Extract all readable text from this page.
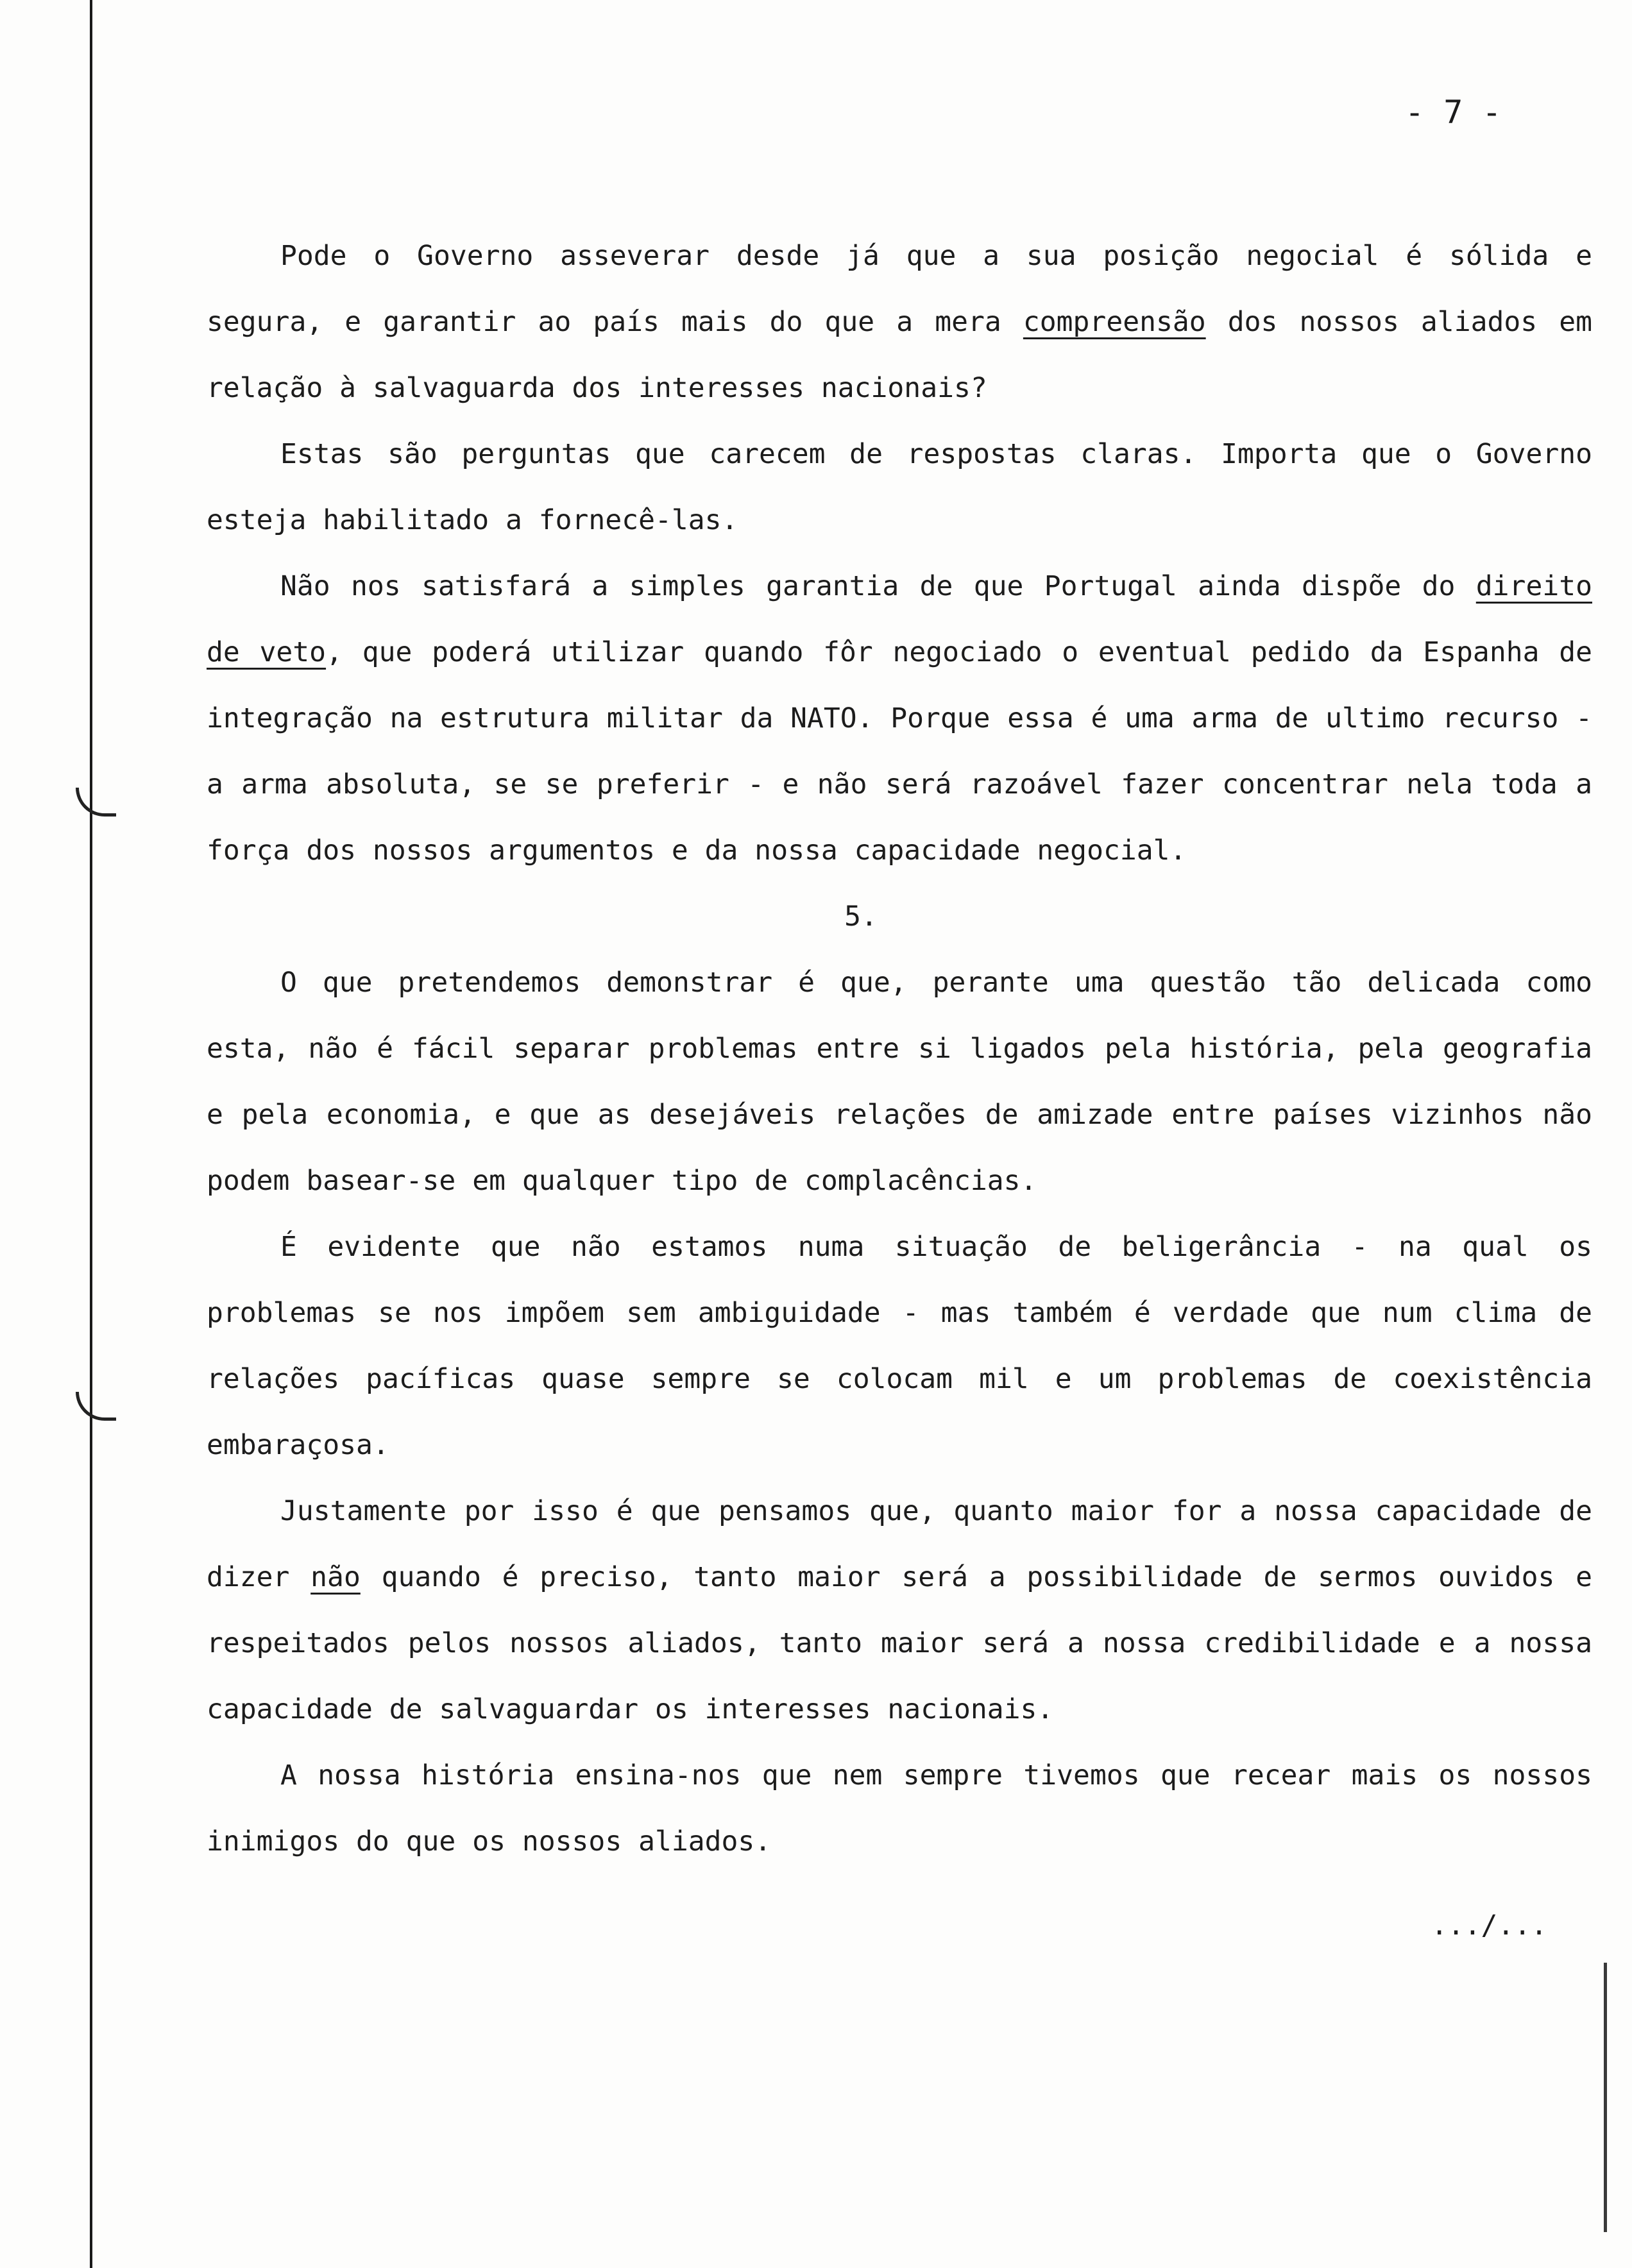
- 7 -

Pode o Governo asseverar desde já que a sua posição negocial é sólida e segura, e garantir ao país mais do que a mera compreensão dos nossos aliados em relação à salvaguarda dos interesses nacionais?

Estas são perguntas que carecem de respostas claras. Importa que o Governo esteja habilitado a fornecê-las.

Não nos satisfará a simples garantia de que Portugal ainda dispõe do direito de veto, que poderá utilizar quando fôr negociado o eventual pedido da Espanha de integração na estrutura militar da NATO. Porque essa é uma arma de ultimo recurso - a arma absoluta, se se preferir - e não será razoável fazer concentrar nela toda a força dos nossos argumentos e da nossa capacidade negocial.

5.

O que pretendemos demonstrar é que, perante uma questão tão delicada como esta, não é fácil separar problemas entre si ligados pela história, pela geografia e pela economia, e que as desejáveis relações de amizade entre países vizinhos não podem basear-se em qualquer tipo de complacências.

É evidente que não estamos numa situação de beligerância - na qual os problemas se nos impõem sem ambiguidade - mas também é verdade que num clima de relações pacíficas quase sempre se colocam mil e um problemas de coexistência embaraçosa.

Justamente por isso é que pensamos que, quanto maior for a nossa capacidade de dizer não quando é preciso, tanto maior será a possibilidade de sermos ouvidos e respeitados pelos nossos aliados, tanto maior será a nossa credibilidade e a nossa capacidade de salvaguardar os interesses nacionais.

A nossa história ensina-nos que nem sempre tivemos que recear mais os nossos inimigos do que os nossos aliados.

.../...
